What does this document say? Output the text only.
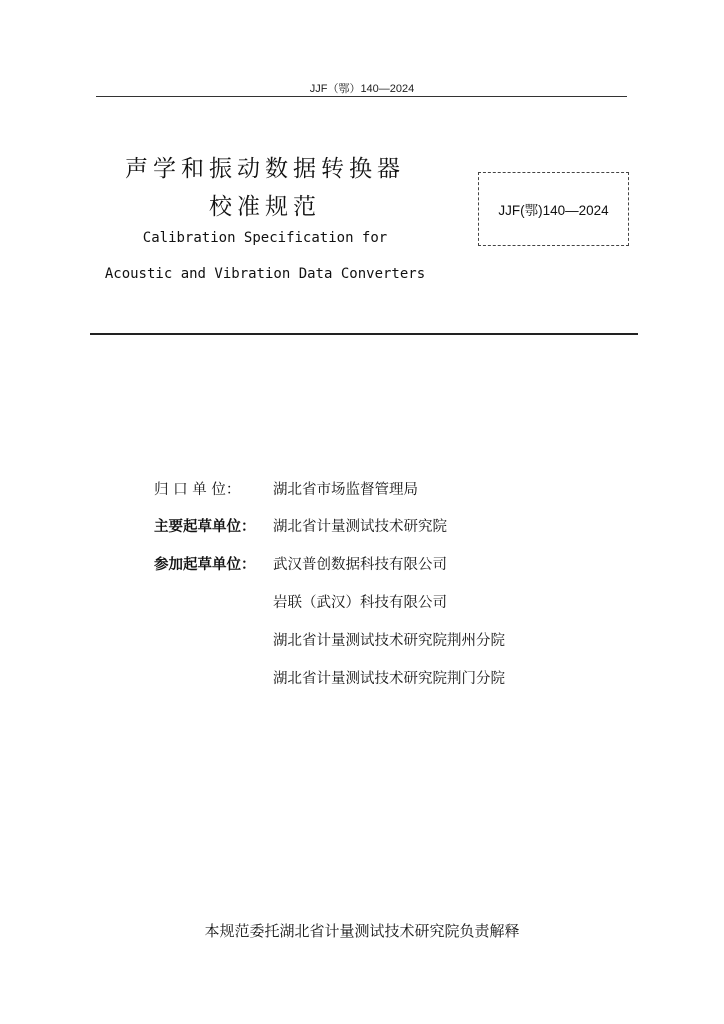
JJF（鄂）140—2024
声学和振动数据转换器
校准规范
Calibration Specification for
Acoustic and Vibration Data Converters
JJF(鄂)140—2024
归 口 单 位：	湖北省市场监督管理局
主要起草单位：	湖北省计量测试技术研究院
参加起草单位：	武汉普创数据科技有限公司
岩联（武汉）科技有限公司
湖北省计量测试技术研究院荆州分院
湖北省计量测试技术研究院荆门分院
本规范委托湖北省计量测试技术研究院负责解释
